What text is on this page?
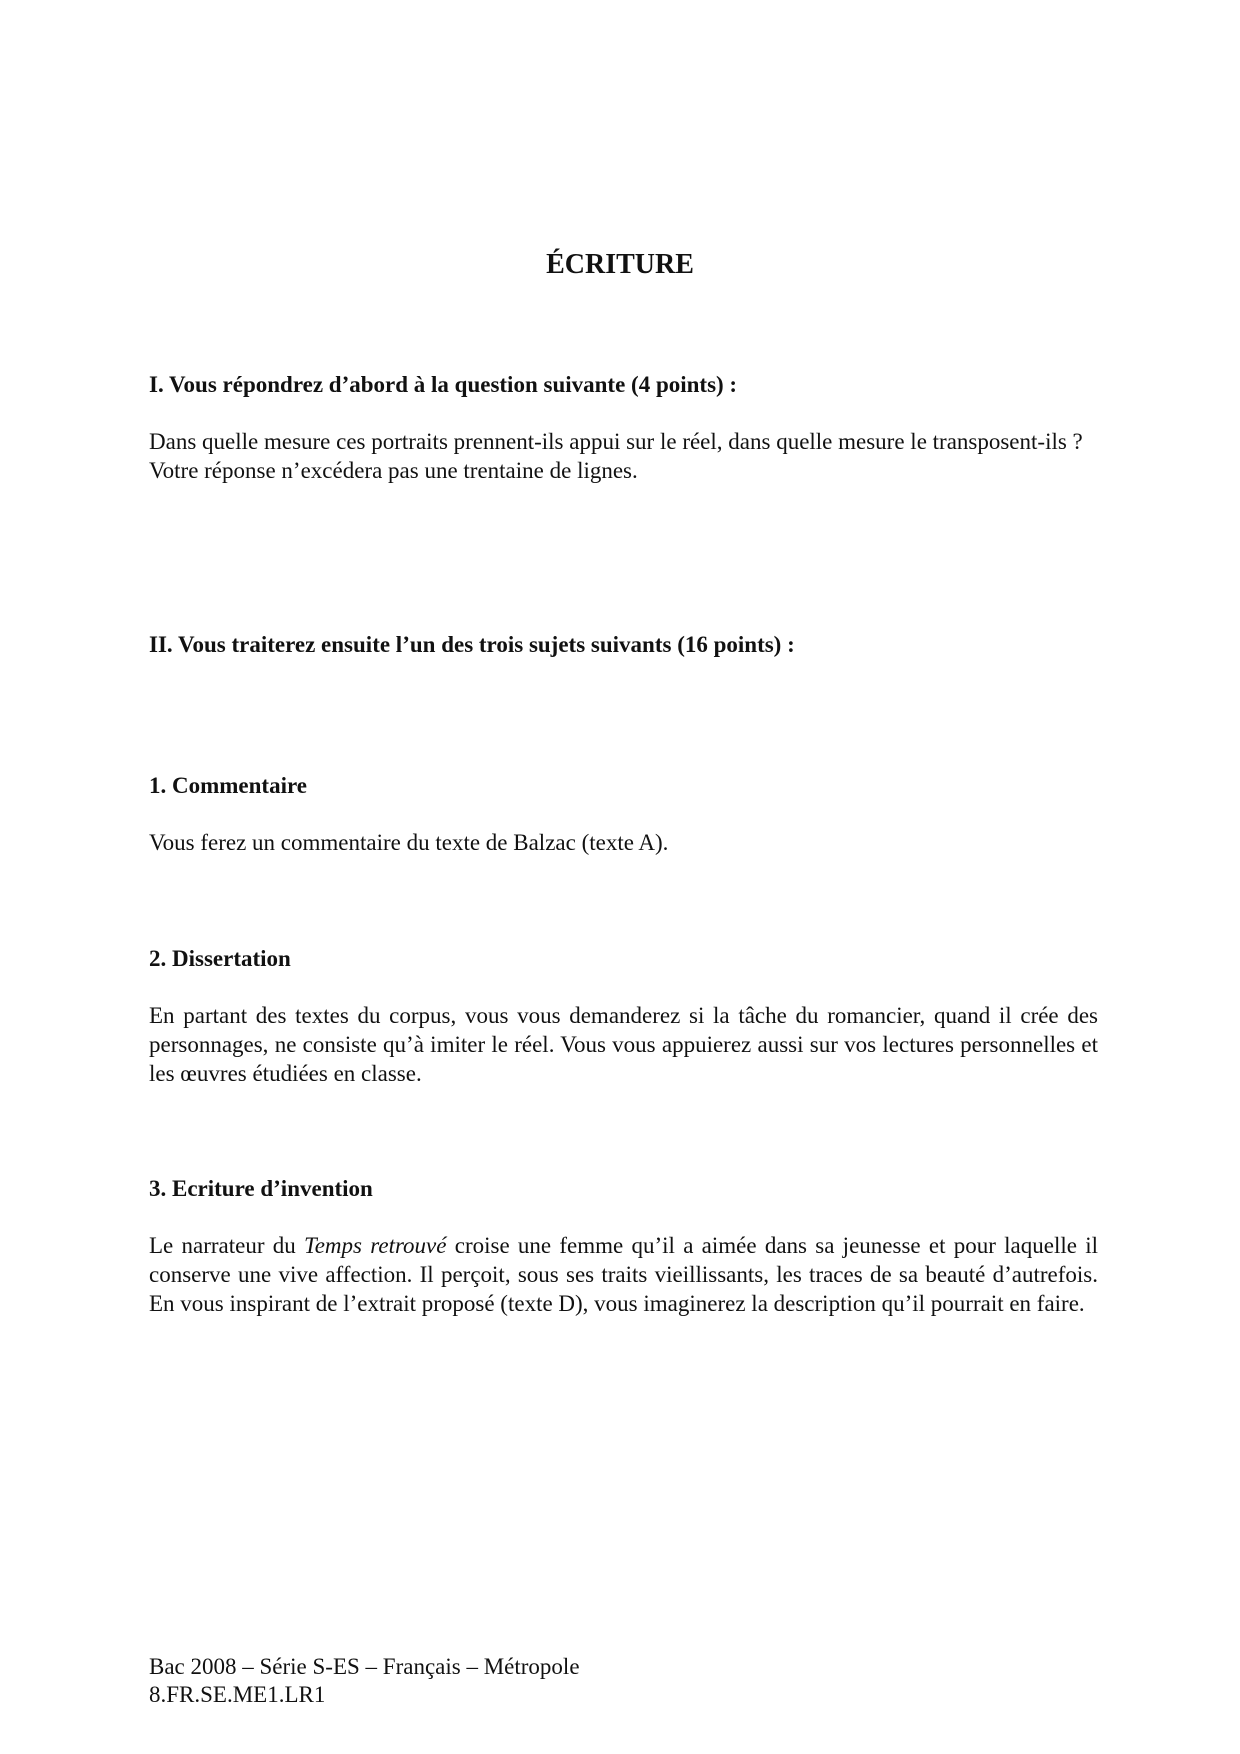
ÉCRITURE

I. Vous répondrez d’abord à la question suivante (4 points) :

Dans quelle mesure ces portraits prennent-ils appui sur le réel, dans quelle mesure le transposent-ils ?

Votre réponse n’excédera pas une trentaine de lignes.

II. Vous traiterez ensuite l’un des trois sujets suivants (16 points) :

1. Commentaire

Vous ferez un commentaire du texte de Balzac (texte A).

2. Dissertation

En partant des textes du corpus, vous vous demanderez si la tâche du romancier, quand il crée des personnages, ne consiste qu’à imiter le réel. Vous vous appuierez aussi sur vos lectures personnelles et les œuvres étudiées en classe.

3. Ecriture d’invention

Le narrateur du Temps retrouvé croise une femme qu’il a aimée dans sa jeunesse et pour laquelle il conserve une vive affection. Il perçoit, sous ses traits vieillissants, les traces de sa beauté d’autrefois. En vous inspirant de l’extrait proposé (texte D), vous imaginerez la description qu’il pourrait en faire.

Bac 2008 – Série S-ES – Français – Métropole
8.FR.SE.ME1.LR1
